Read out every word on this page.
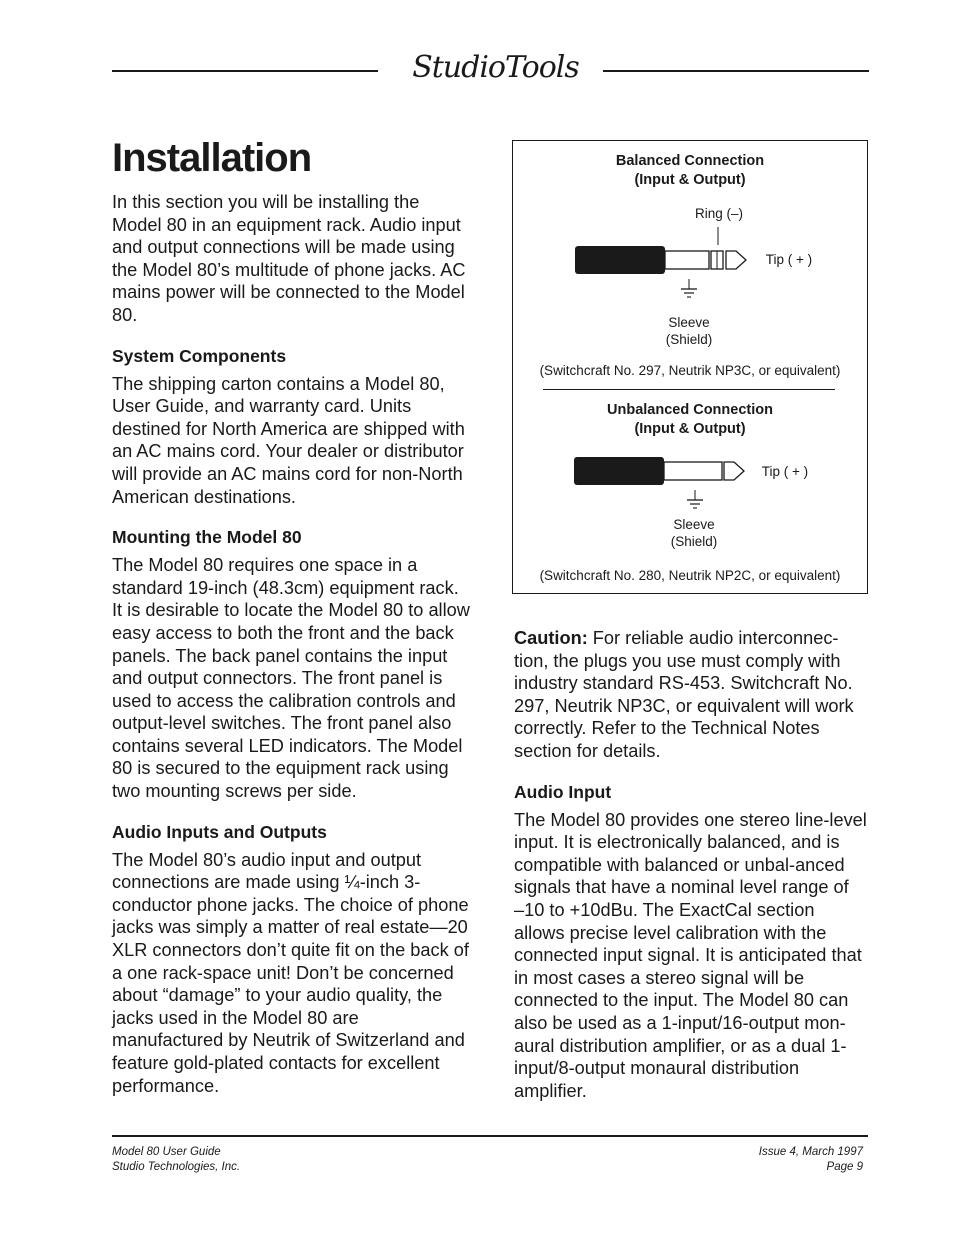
StudioTools
Installation

In this section you will be installing the Model 80 in an equipment rack. Audio input and output connections will be made using the Model 80’s multitude of phone jacks. AC mains power will be connected to the Model 80.

System Components

The shipping carton contains a Model 80, User Guide, and warranty card. Units destined for North America are shipped with an AC mains cord. Your dealer or distributor will provide an AC mains cord for non-North American destinations.

Mounting the Model 80

The Model 80 requires one space in a standard 19-inch (48.3cm) equipment rack. It is desirable to locate the Model 80 to allow easy access to both the front and the back panels. The back panel contains the input and output connectors. The front panel is used to access the calibration controls and output-level switches. The front panel also contains several LED indicators. The Model 80 is secured to the equipment rack using two mounting screws per side.

Audio Inputs and Outputs

The Model 80’s audio input and output connections are made using ¼-inch 3-conductor phone jacks. The choice of phone jacks was simply a matter of real estate—20 XLR connectors don’t quite fit on the back of a one rack-space unit! Don’t be concerned about “damage” to your audio quality, the jacks used in the Model 80 are manufactured by Neutrik of Switzerland and feature gold-plated contacts for excellent performance.

Balanced Connection
(Input & Output)
Ring (–)
Tip ( + )
Sleeve
(Shield)
(Switchcraft No. 297, Neutrik NP3C, or equivalent)
Unbalanced Connection
(Input & Output)
Tip ( + )
Sleeve
(Shield)
(Switchcraft No. 280, Neutrik NP2C, or equivalent)

Caution: For reliable audio interconnec-tion, the plugs you use must comply with industry standard RS-453. Switchcraft No. 297, Neutrik NP3C, or equivalent will work correctly. Refer to the Technical Notes section for details.

Audio Input

The Model 80 provides one stereo line-level input. It is electronically balanced, and is compatible with balanced or unbal-anced signals that have a nominal level range of

–10 to +10dBu. The ExactCal section allows precise level calibration with the connected input signal. It is anticipated that in most cases a stereo signal will be connected to the input. The Model 80 can also be used as a 1-input/16-output mon-aural distribution amplifier, or as a dual 1-input/8-output monaural distribution amplifier.

Model 80 User Guide
Studio Technologies, Inc.
Issue 4, March 1997
Page 9
